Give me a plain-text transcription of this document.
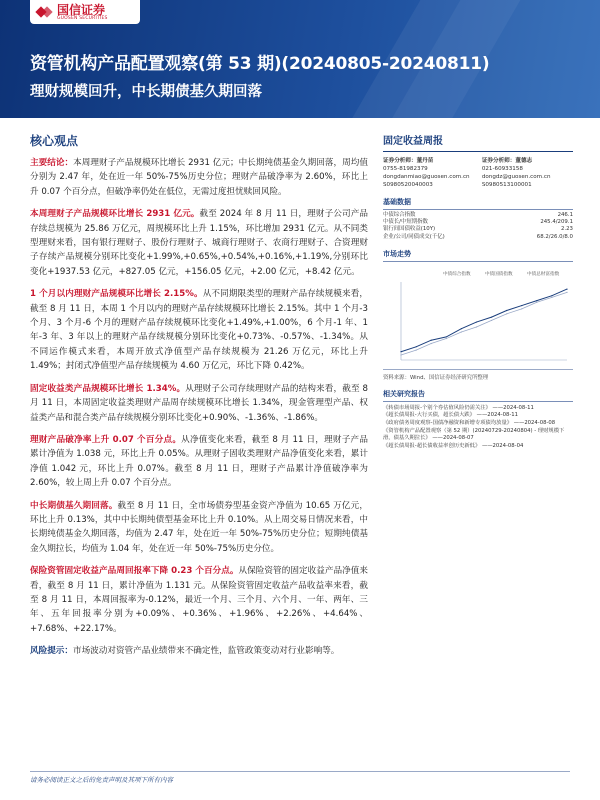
国信证券
GUOSEN SECURITIES
资管机构产品配置观察(第 53 期)(20240805-20240811)
理财规模回升，中长期债基久期回落
核心观点
主要结论：本周理财子产品规模环比增长 2931 亿元；中长期纯债基金久期回落，周均值分别为 2.47 年，处在近一年 50%-75%历史分位；理财产品破净率为 2.60%，环比上升 0.07 个百分点，但破净率仍处在低位，无需过度担忧赎回风险。
本周理财子产品规模环比增长 2931 亿元。截至 2024 年 8 月 11 日，理财子公司产品存续总规模为 25.86 万亿元，周规模环比上升 1.15%，环比增加 2931 亿元。从不同类型理财来看，国有银行理财子、股份行理财子、城商行理财子、农商行理财子、合资理财子存续产品规模分别环比变化+1.99%,+0.65%,+0.54%,+0.16%,+1.19%,分别环比变化+1937.53 亿元，+827.05 亿元，+156.05 亿元，+2.00 亿元，+8.42 亿元。
1 个月以内理财产品规模环比增长 2.15%。从不同期限类型的理财产品存续规模来看，截至 8 月 11 日，本周 1 个月以内的理财产品存续规模环比增长 2.15%。其中 1 个月-3 个月、3 个月-6 个月的理财产品存续规模环比变化+1.49%,+1.00%，6 个月-1 年、1 年-3 年、3 年以上的理财产品存续规模分别环比变化+0.73%、-0.57%、-1.34%。从不同运作模式来看，本周开放式净值型产品存续规模为 21.26 万亿元，环比上升 1.49%；封闭式净值型产品存续规模为 4.60 万亿元，环比下降 0.42%。
固定收益类产品规模环比增长 1.34%。从理财子公司存续理财产品的结构来看，截至 8 月 11 日，本周固定收益类理财产品周存续规模环比增长 1.34%，现金管理型产品、权益类产品和混合类产品存续规模分别环比变化+0.90%、-1.36%、-1.86%。
理财产品破净率上升 0.07 个百分点。从净值变化来看，截至 8 月 11 日，理财子产品累计净值为 1.038 元，环比上升 0.05%。从理财子固收类理财产品净值变化来看，累计净值 1.042 元，环比上升 0.07%。截至 8 月 11 日，理财子产品累计净值破净率为 2.60%，较上周上升 0.07 个百分点。
中长期债基久期回落。截至 8 月 11 日，全市场债券型基金资产净值为 10.65 万亿元，环比上升 0.13%，其中中长期纯债型基金环比上升 0.10%。从上周交易日情况来看，中长期纯债基金久期回落，均值为 2.47 年，处在近一年 50%-75%历史分位；短期纯债基金久期拉长，均值为 1.04 年，处在近一年 50%-75%历史分位。
保险资管固定收益产品周回报率下降 0.23 个百分点。从保险资管的固定收益产品净值来看，截至 8 月 11 日，累计净值为 1.131 元。从保险资管固定收益产品收益率来看，截至 8 月 11 日，本周回报率为-0.12%，最近一个月、三个月、六个月、一年、两年、三年、五年回报率分别为+0.09%、+0.36%、+1.96%、+2.26%、+4.64%、+7.68%、+22.17%。
风险提示：市场波动对资管产品业绩带来不确定性，监管政策变动对行业影响等。
固定收益周报
证券分析师：董丹苗
0755-81982379
dongdanmiao@guosen.com.cn
S0980520040003
证券分析师：董德志
021-60933158
dongdz@guosen.com.cn
S0980513100001
基础数据
中债综合指数	246.1
中债长/中短期指数	245.4/209.1
银行间国债收益(10Y)	2.23
企业/公司/同债成交(千亿)	68.2/26.0/8.0
市场走势
中债综合指数	中债国债指数	中债总财富指数
资料来源：Wind、国信证券经济研究所整理
相关研究报告
《转债市场周报-个别个券估值风险仍需关注》 ——2024-08-11
《超长债周报-大行买债，超长债大跌》 ——2024-08-11
《政府债务周度观察-国债净融资和新增专项债均放量》 ——2024-08-08
《资管机构产品配置观察（第 52 期）(20240729-20240804) - 理财规模下滑，债基久期拉长》 ——2024-08-07
《超长债周报-超长债收益率创历史新低》 ——2024-08-04
请务必阅读正文之后的免责声明及其项下所有内容
